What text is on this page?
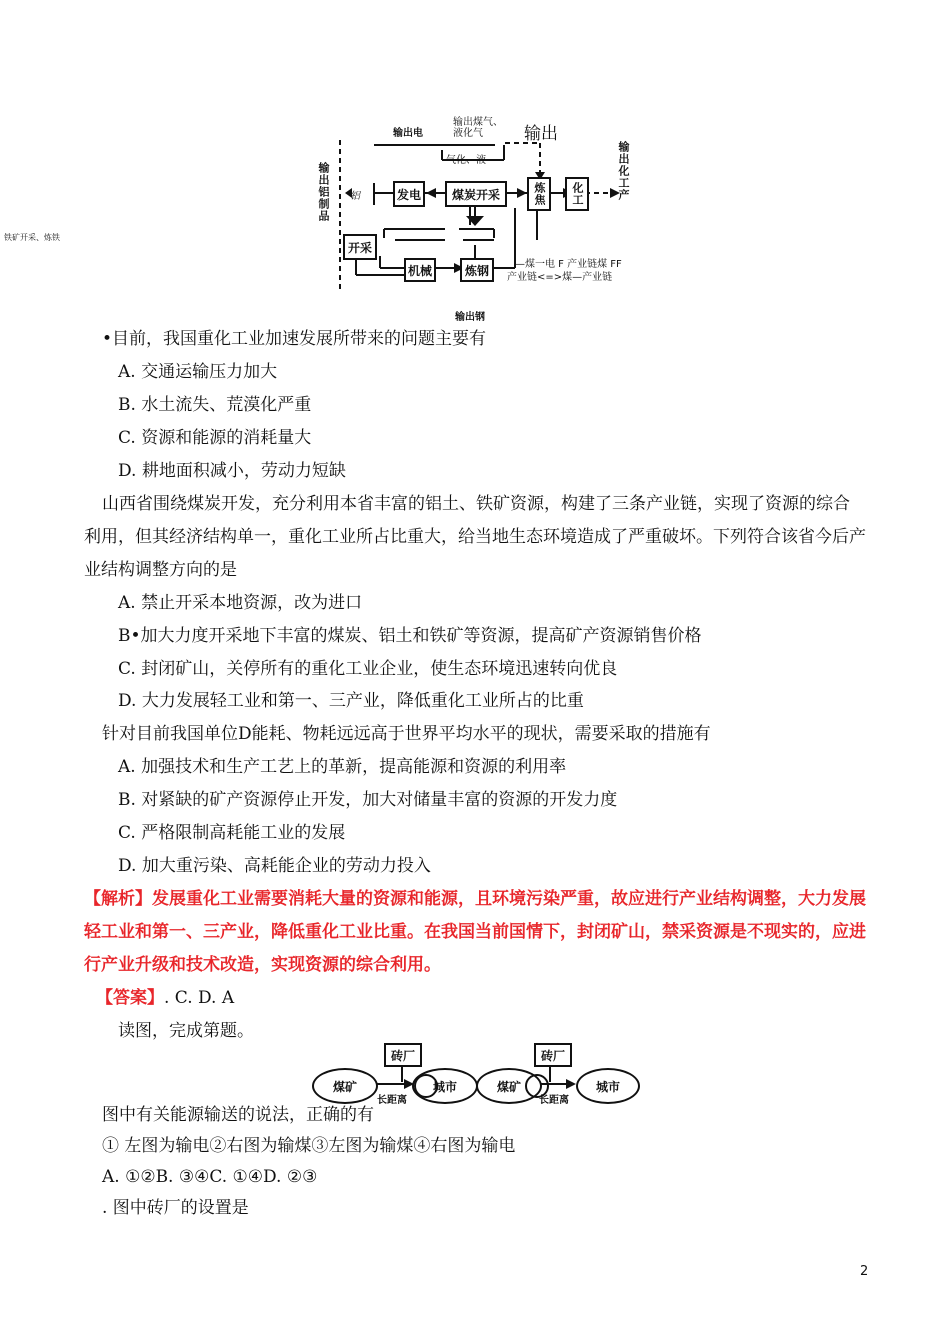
输出电
输出煤气、
液化气 输出
输出化工产
输出铝制品
输出钢
铁矿开采、炼铁
气化、液
铝	发电	煤炭开采	炼焦	化工
开采
机械	炼钢	—煤一电 F 产业链煤 FF
产业链<=>煤—产业链
•目前，我国重化工业加速发展所带来的问题主要有
A. 交通运输压力加大
B. 水土流失、荒漠化严重
C. 资源和能源的消耗量大
D. 耕地面积减小，劳动力短缺
山西省围绕煤炭开发，充分利用本省丰富的铝土、铁矿资源，构建了三条产业链，实现了资源的综合
利用，但其经济结构单一，重化工业所占比重大，给当地生态环境造成了严重破坏。下列符合该省今后产
业结构调整方向的是
A. 禁止开采本地资源，改为进口
B•加大力度开采地下丰富的煤炭、铝土和铁矿等资源，提高矿产资源销售价格
C. 封闭矿山，关停所有的重化工业企业，使生态环境迅速转向优良
D. 大力发展轻工业和第一、三产业，降低重化工业所占的比重
针对目前我国单位D能耗、物耗远远高于世界平均水平的现状，需要采取的措施有
A. 加强技术和生产工艺上的革新，提高能源和资源的利用率
B. 对紧缺的矿产资源停止开发，加大对储量丰富的资源的开发力度
C. 严格限制高耗能工业的发展
D. 加大重污染、高耗能企业的劳动力投入
【解析】发展重化工业需要消耗大量的资源和能源，且环境污染严重，故应进行产业结构调整，大力发展
轻工业和第一、三产业，降低重化工业比重。在我国当前国情下，封闭矿山，禁采资源是不现实的，应进
行产业升级和技术改造，实现资源的综合利用。
【答案】. C. D. A
读图，完成第题。
煤矿	城市
砖厂
长距离
煤矿	城市
砖厂
长距离
图中有关能源输送的说法，正确的有
① 左图为输电②右图为输煤③左图为输煤④右图为输电
A. ①②B. ③④C. ①④D. ②③
. 图中砖厂的设置是
2
